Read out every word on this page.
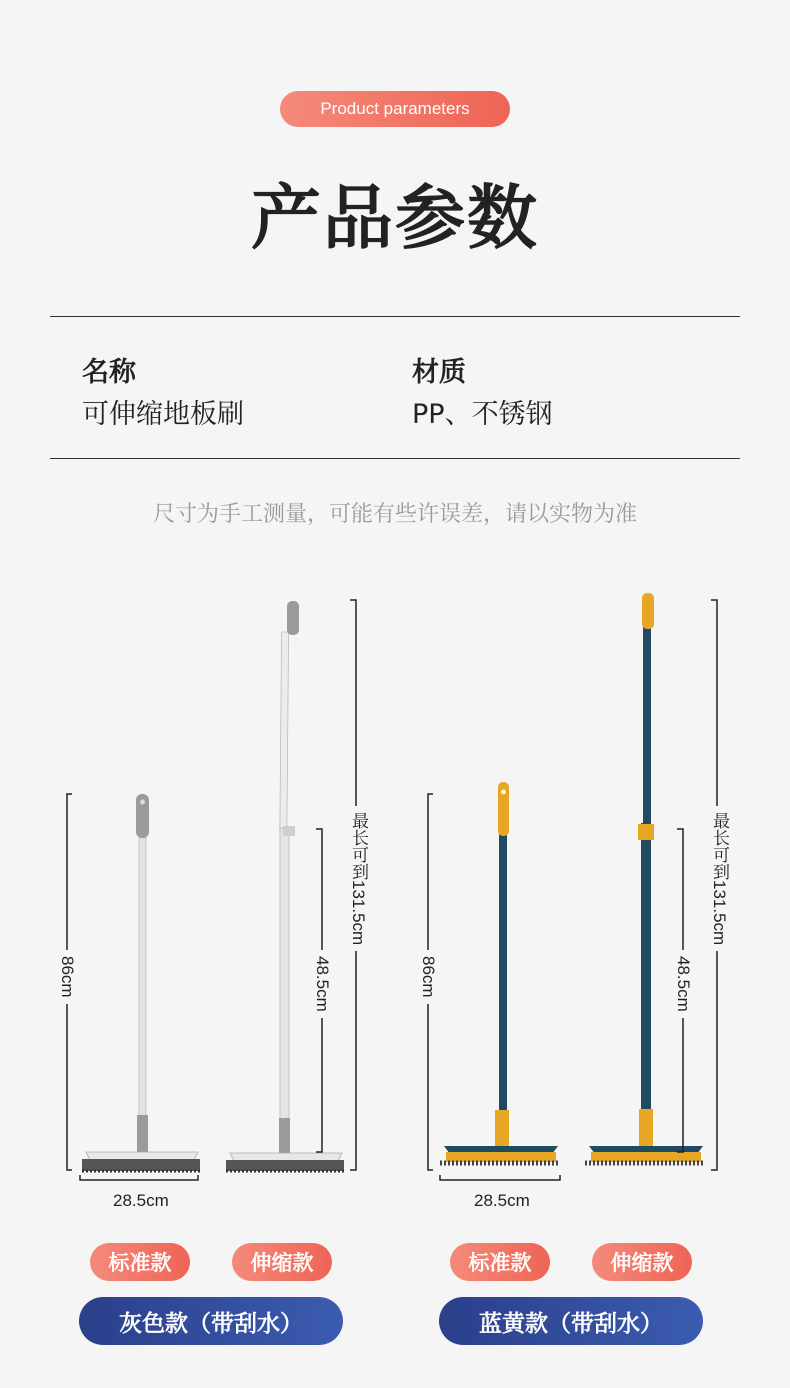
Product parameters
产品参数
名称
可伸缩地板刷
材质
PP、不锈钢
尺寸为手工测量，可能有些许误差，请以实物为准
86cm
最长可到131.5cm
48.5cm
28.5cm
86cm
最长可到131.5cm
48.5cm
28.5cm
标准款	伸缩款	标准款	伸缩款
灰色款（带刮水）	蓝黄款（带刮水）
